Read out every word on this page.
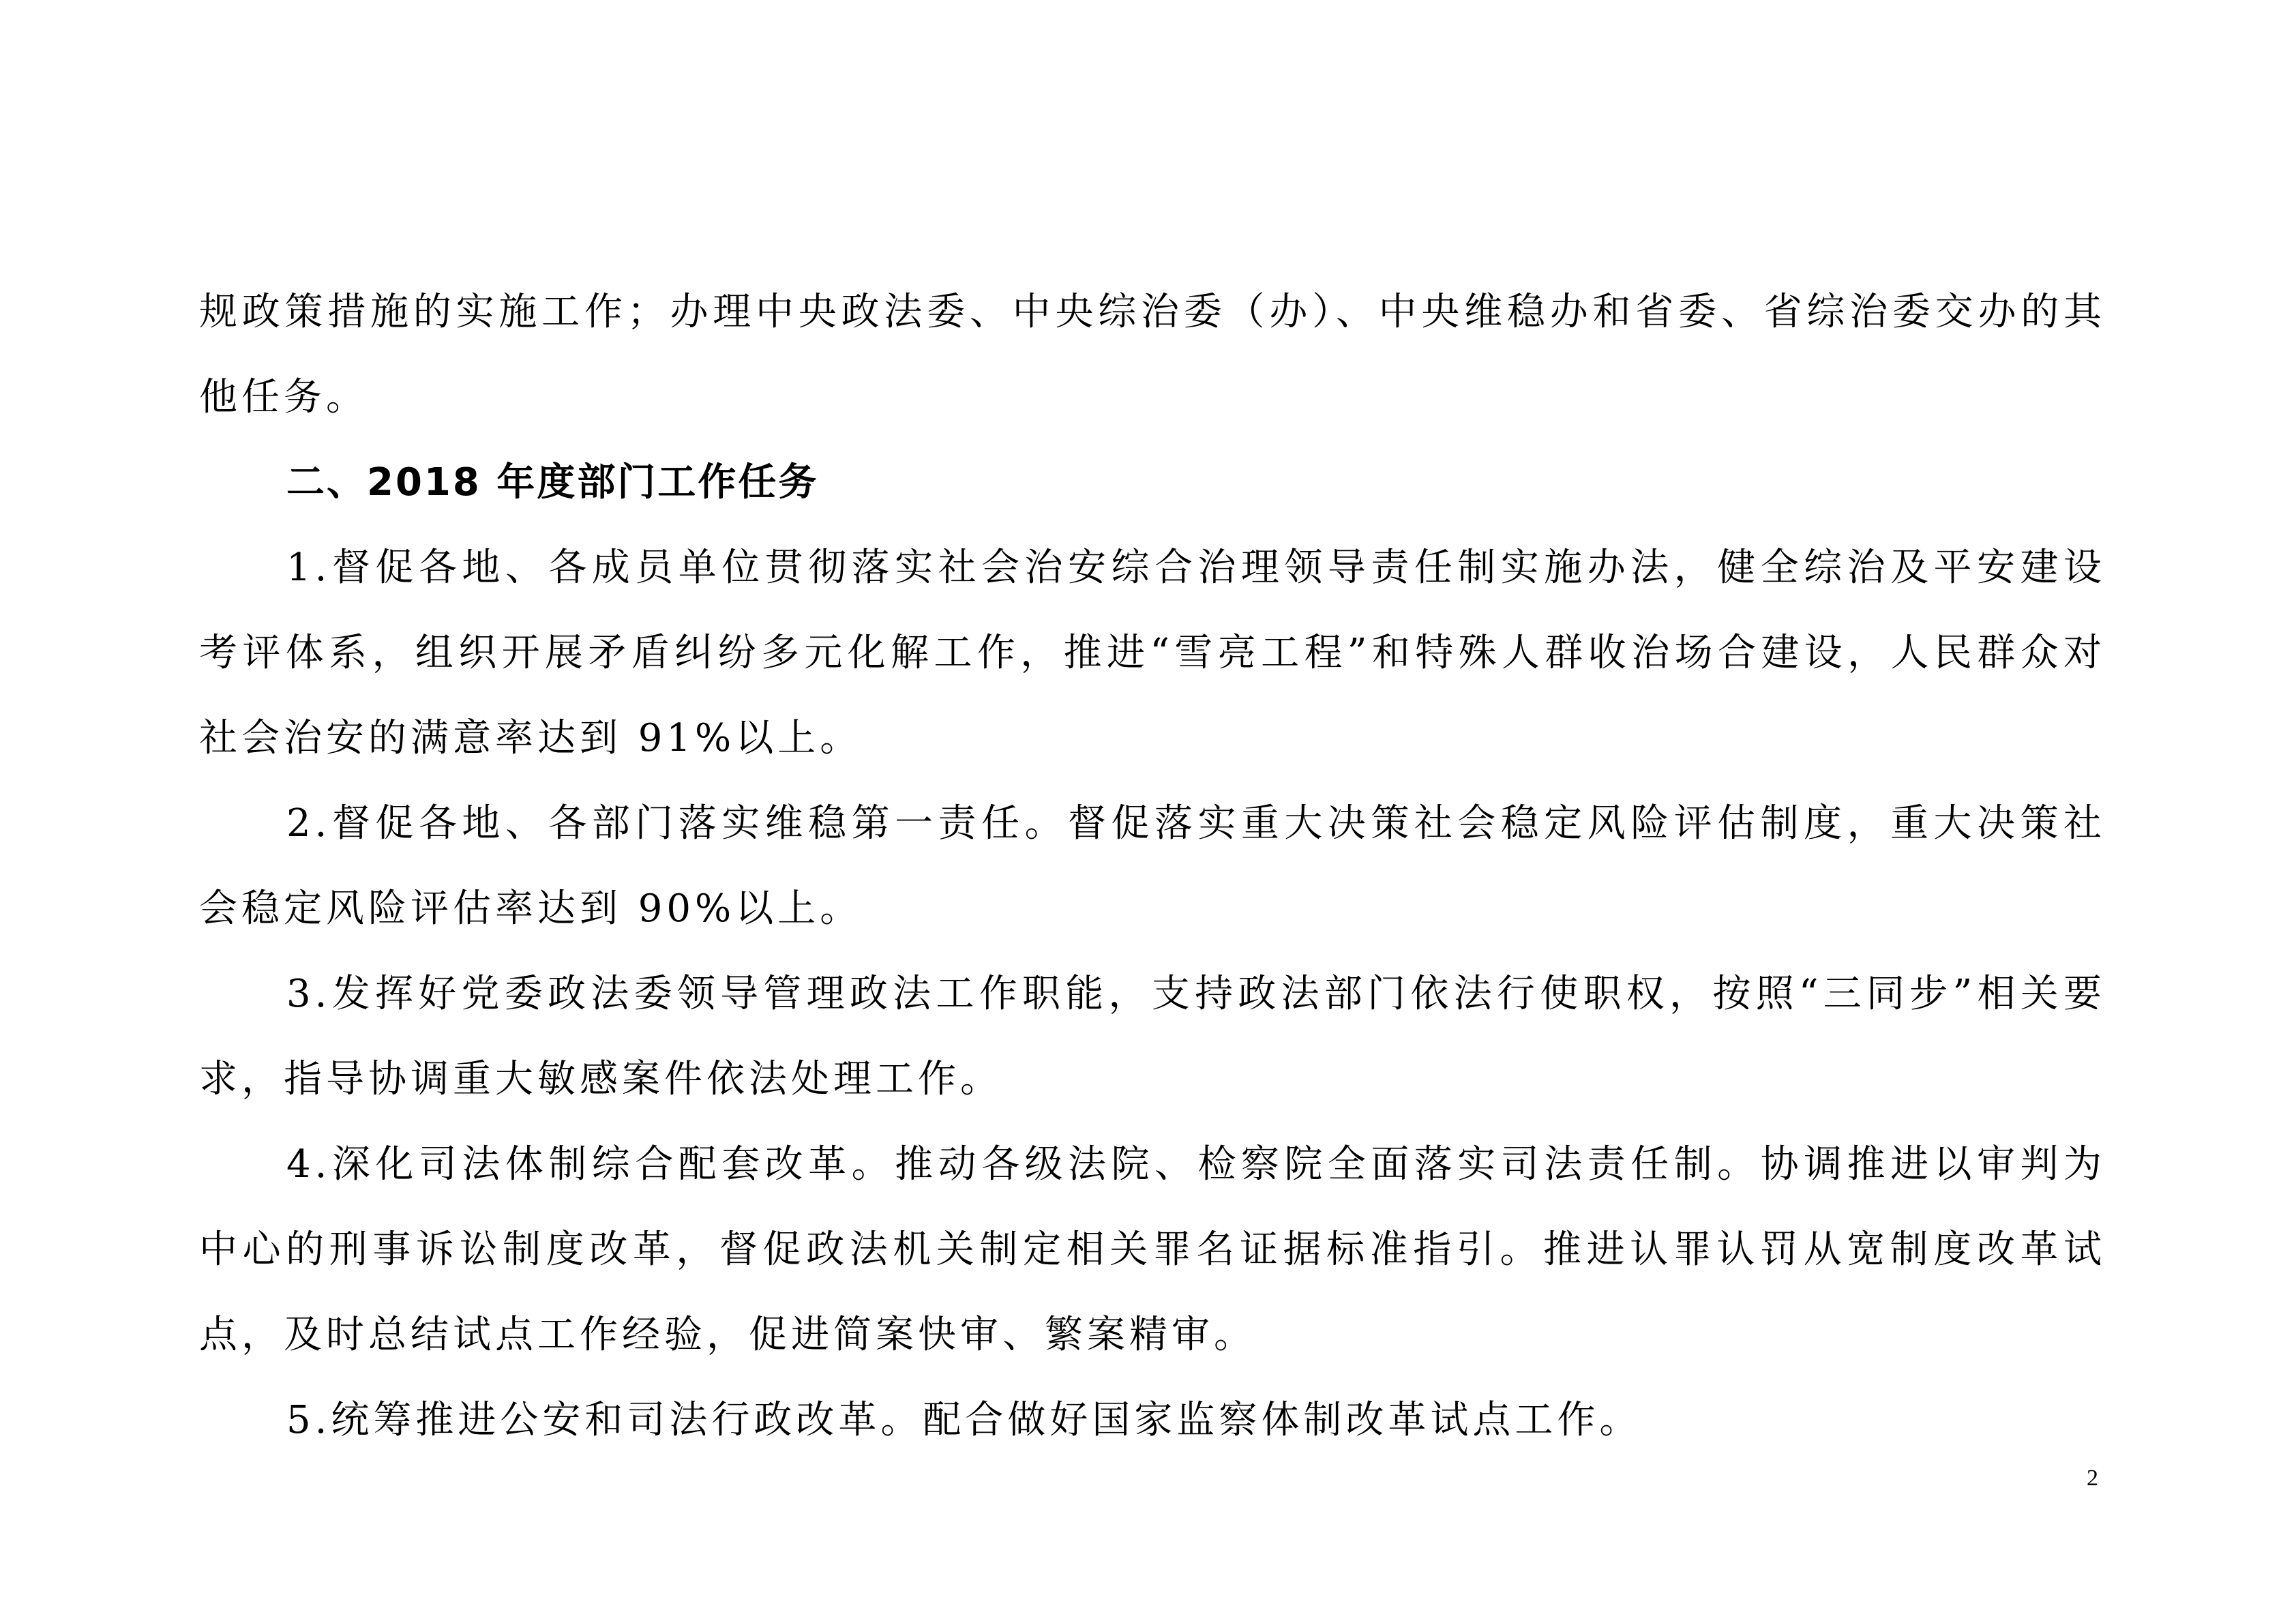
规政策措施的实施工作；办理中央政法委、中央综治委（办）、中央维稳办和省委、省综治委交办的其他任务。

二、2018 年度部门工作任务

1.督促各地、各成员单位贯彻落实社会治安综合治理领导责任制实施办法，健全综治及平安建设考评体系，组织开展矛盾纠纷多元化解工作，推进“雪亮工程”和特殊人群收治场合建设，人民群众对社会治安的满意率达到 91%以上。

2.督促各地、各部门落实维稳第一责任。督促落实重大决策社会稳定风险评估制度，重大决策社会稳定风险评估率达到 90%以上。

3.发挥好党委政法委领导管理政法工作职能，支持政法部门依法行使职权，按照“三同步”相关要求，指导协调重大敏感案件依法处理工作。

4.深化司法体制综合配套改革。推动各级法院、检察院全面落实司法责任制。协调推进以审判为中心的刑事诉讼制度改革，督促政法机关制定相关罪名证据标准指引。推进认罪认罚从宽制度改革试点，及时总结试点工作经验，促进简案快审、繁案精审。

5.统筹推进公安和司法行政改革。配合做好国家监察体制改革试点工作。

2
